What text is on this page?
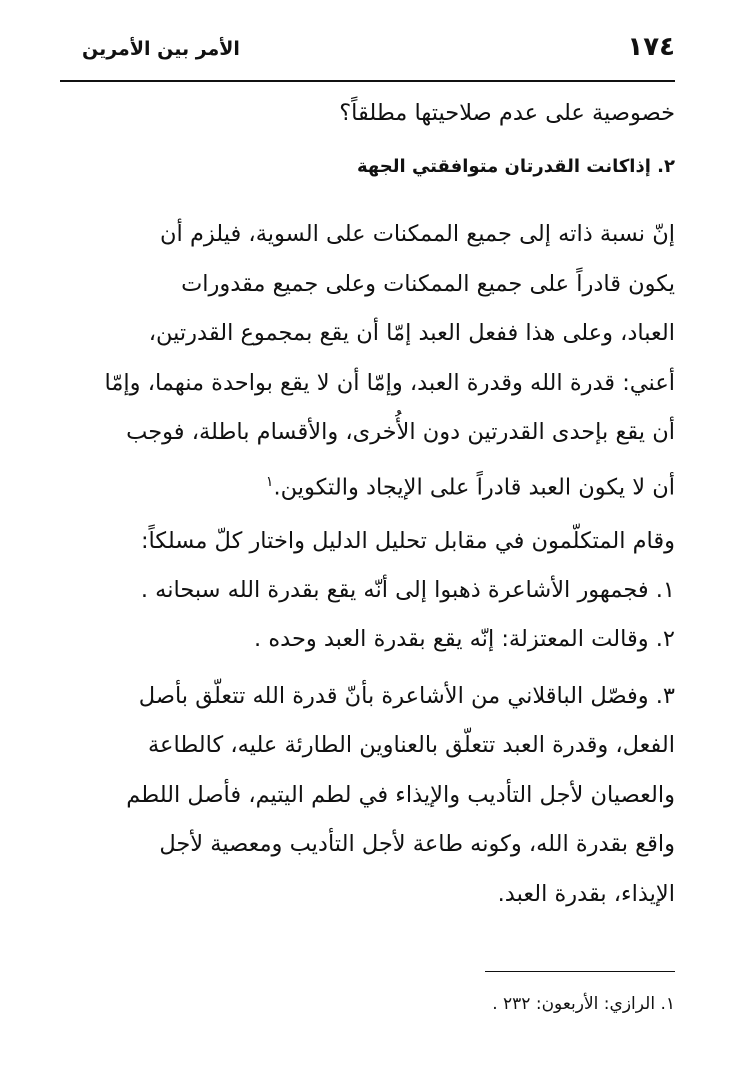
١٧٤
الأمر بين الأمرين

خصوصية على عدم صلاحيتها مطلقاً؟

٢. إذاكانت القدرتان متوافقتي الجهة

إنّ نسبة ذاته إلى جميع الممكنات على السوية، فيلزم أن
يكون قادراً على جميع الممكنات وعلى جميع مقدورات
العباد، وعلى هذا ففعل العبد إمّا أن يقع بمجموع القدرتين،
أعني: قدرة الله وقدرة العبد، وإمّا أن لا يقع بواحدة منهما، وإمّا
أن يقع بإحدى القدرتين دون الأُخرى، والأقسام باطلة، فوجب
أن لا يكون العبد قادراً على الإيجاد والتكوين.$^١$
وقام المتكلّمون في مقابل تحليل الدليل واختار كلّ مسلكاً:
١. فجمهور الأشاعرة ذهبوا إلى أنّه يقع بقدرة الله سبحانه .
٢. وقالت المعتزلة: إنّه يقع بقدرة العبد وحده .
٣. وفصّل الباقلاني من الأشاعرة بأنّ قدرة الله تتعلّق بأصل
الفعل، وقدرة العبد تتعلّق بالعناوين الطارئة عليه، كالطاعة
والعصيان لأجل التأديب والإيذاء في لطم اليتيم، فأصل اللطم
واقع بقدرة الله، وكونه طاعة لأجل التأديب ومعصية لأجل
الإيذاء، بقدرة العبد.
١. الرازي: الأربعون: ٢٣٢ .
